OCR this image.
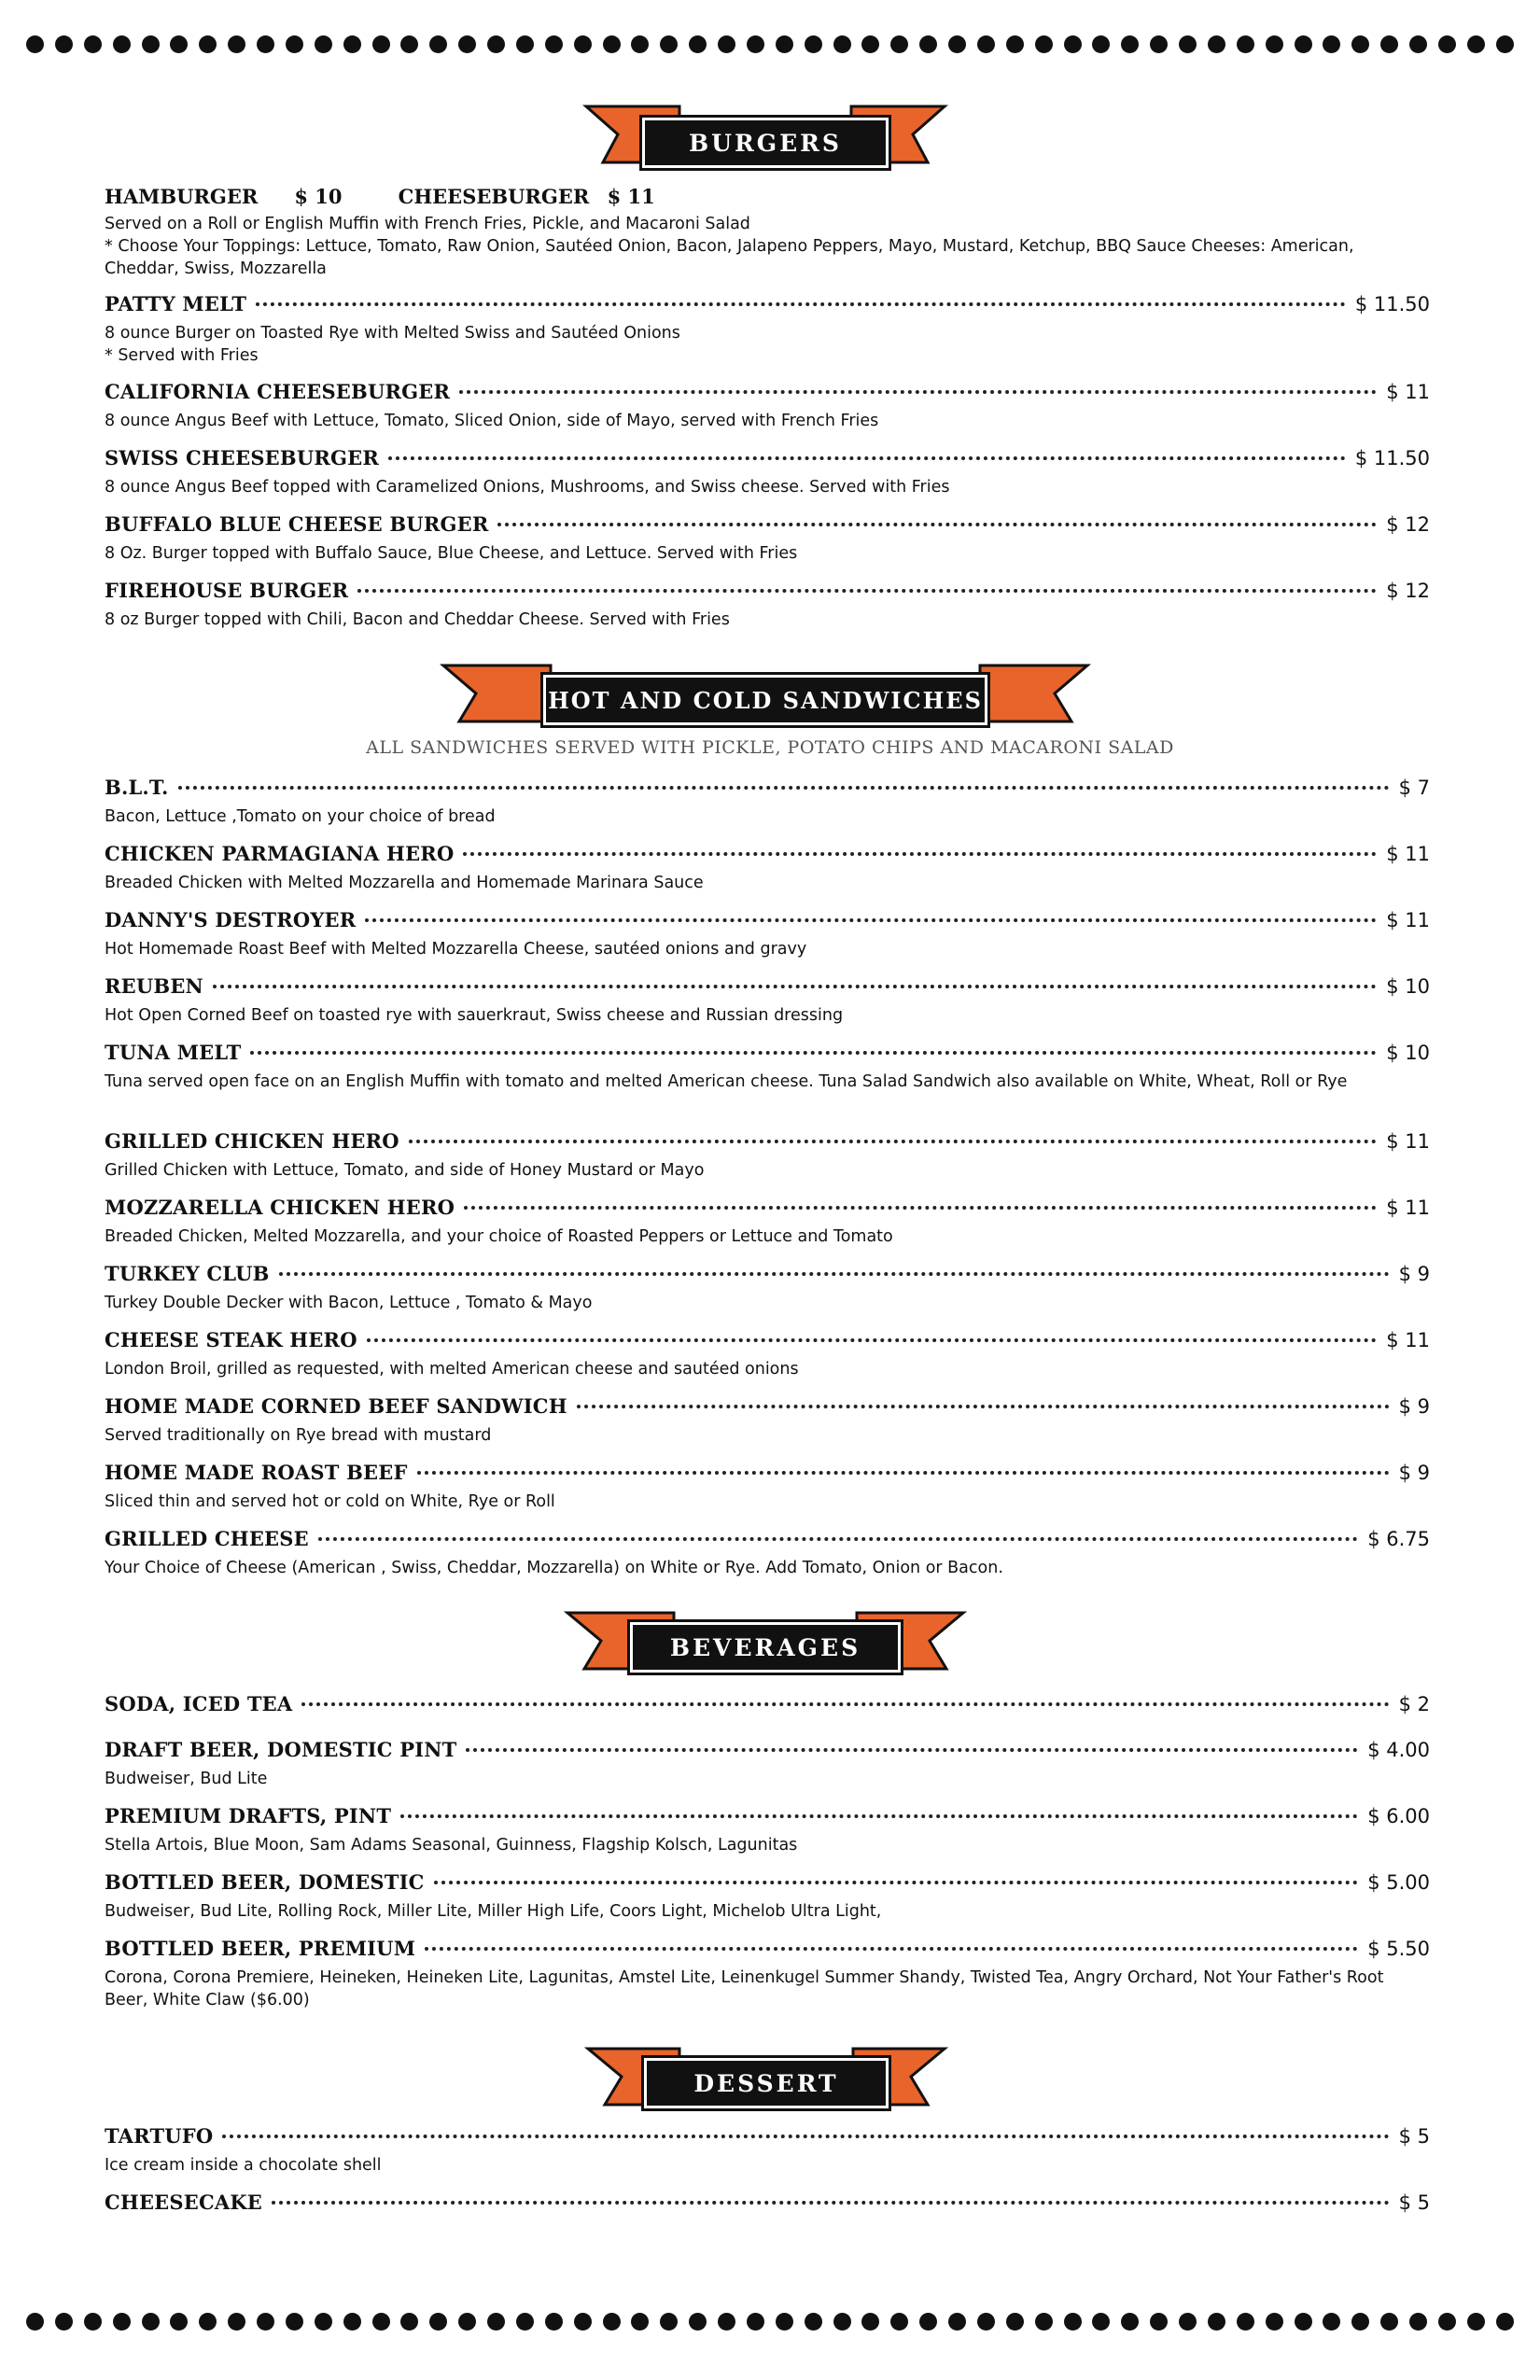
BURGERS
HAMBURGER $ 10	CHEESEBURGER $ 11
Served on a Roll or English Muffin with French Fries, Pickle, and Macaroni Salad
* Choose Your Toppings: Lettuce, Tomato, Raw Onion, Sautéed Onion, Bacon, Jalapeno Peppers, Mayo, Mustard, Ketchup, BBQ Sauce Cheeses: American, Cheddar, Swiss, Mozzarella
PATTY MELT	$ 11.50
8 ounce Burger on Toasted Rye with Melted Swiss and Sautéed Onions
* Served with Fries
CALIFORNIA CHEESEBURGER	$ 11
8 ounce Angus Beef with Lettuce, Tomato, Sliced Onion, side of Mayo, served with French Fries
SWISS CHEESEBURGER	$ 11.50
8 ounce Angus Beef topped with Caramelized Onions, Mushrooms, and Swiss cheese. Served with Fries
BUFFALO BLUE CHEESE BURGER	$ 12
8 Oz. Burger topped with Buffalo Sauce, Blue Cheese, and Lettuce. Served with Fries
FIREHOUSE BURGER	$ 12
8 oz Burger topped with Chili, Bacon and Cheddar Cheese. Served with Fries
HOT AND COLD SANDWICHES
ALL SANDWICHES SERVED WITH PICKLE, POTATO CHIPS AND MACARONI SALAD
B.L.T.	$ 7
Bacon, Lettuce ,Tomato on your choice of bread
CHICKEN PARMAGIANA HERO	$ 11
Breaded Chicken with Melted Mozzarella and Homemade Marinara Sauce
DANNY'S DESTROYER	$ 11
Hot Homemade Roast Beef with Melted Mozzarella Cheese, sautéed onions and gravy
REUBEN	$ 10
Hot Open Corned Beef on toasted rye with sauerkraut, Swiss cheese and Russian dressing
TUNA MELT	$ 10
Tuna served open face on an English Muffin with tomato and melted American cheese. Tuna Salad Sandwich also available on White, Wheat, Roll or Rye
GRILLED CHICKEN HERO	$ 11
Grilled Chicken with Lettuce, Tomato, and side of Honey Mustard or Mayo
MOZZARELLA CHICKEN HERO	$ 11
Breaded Chicken, Melted Mozzarella, and your choice of Roasted Peppers or Lettuce and Tomato
TURKEY CLUB	$ 9
Turkey Double Decker with Bacon, Lettuce , Tomato & Mayo
CHEESE STEAK HERO	$ 11
London Broil, grilled as requested, with melted American cheese and sautéed onions
HOME MADE CORNED BEEF SANDWICH	$ 9
Served traditionally on Rye bread with mustard
HOME MADE ROAST BEEF	$ 9
Sliced thin and served hot or cold on White, Rye or Roll
GRILLED CHEESE	$ 6.75
Your Choice of Cheese (American , Swiss, Cheddar, Mozzarella) on White or Rye. Add Tomato, Onion or Bacon.
BEVERAGES
SODA, ICED TEA	$ 2
DRAFT BEER, DOMESTIC PINT	$ 4.00
Budweiser, Bud Lite
PREMIUM DRAFTS, PINT	$ 6.00
Stella Artois, Blue Moon, Sam Adams Seasonal, Guinness, Flagship Kolsch, Lagunitas
BOTTLED BEER, DOMESTIC	$ 5.00
Budweiser, Bud Lite, Rolling Rock, Miller Lite, Miller High Life, Coors Light, Michelob Ultra Light,
BOTTLED BEER, PREMIUM	$ 5.50
Corona, Corona Premiere, Heineken, Heineken Lite, Lagunitas, Amstel Lite, Leinenkugel Summer Shandy, Twisted Tea, Angry Orchard, Not Your Father's Root Beer, White Claw ($6.00)
DESSERT
TARTUFO	$ 5
Ice cream inside a chocolate shell
CHEESECAKE	$ 5
